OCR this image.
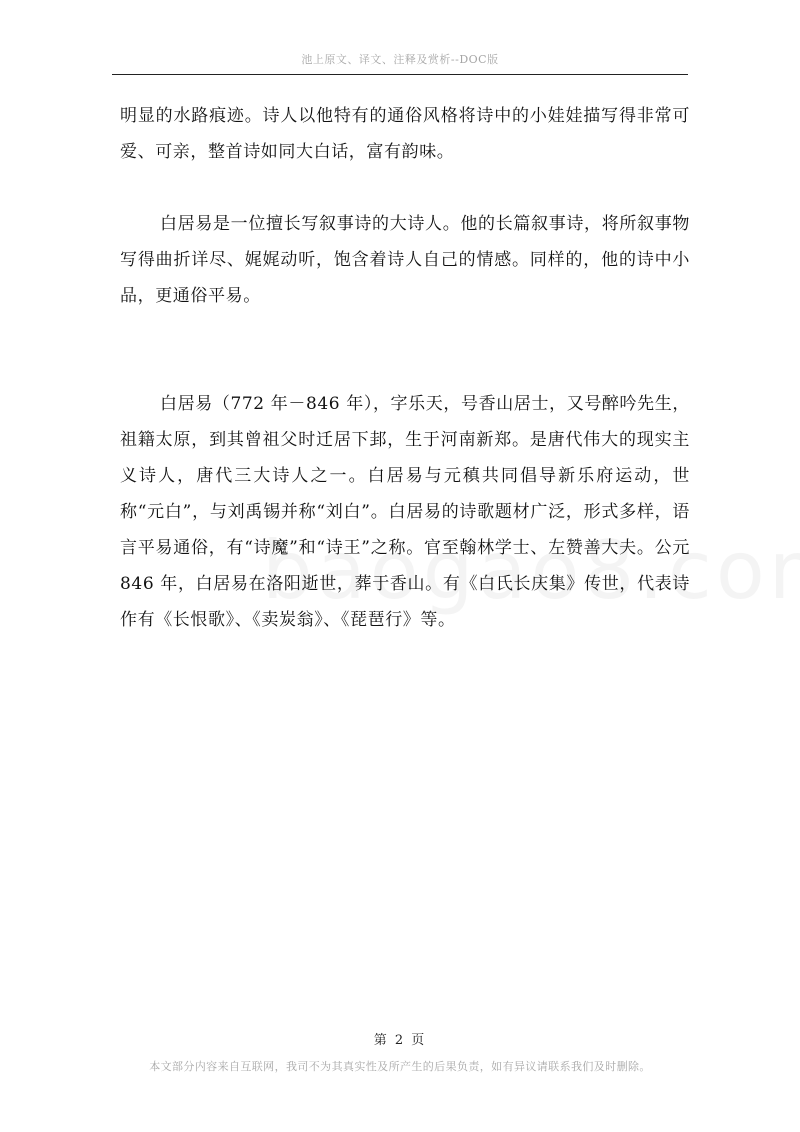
池上原文、译文、注释及赏析--DOC版

明显的水路痕迹。诗人以他特有的通俗风格将诗中的小娃娃描写得非常可爱、可亲，整首诗如同大白话，富有韵味。

白居易是一位擅长写叙事诗的大诗人。他的长篇叙事诗，将所叙事物写得曲折详尽、娓娓动听，饱含着诗人自己的情感。同样的，他的诗中小品，更通俗平易。

白居易（772 年－846 年），字乐天，号香山居士，又号醉吟先生，祖籍太原，到其曾祖父时迁居下邽，生于河南新郑。是唐代伟大的现实主义诗人，唐代三大诗人之一。白居易与元稹共同倡导新乐府运动，世称“元白”，与刘禹锡并称“刘白”。白居易的诗歌题材广泛，形式多样，语言平易通俗，有“诗魔”和“诗王”之称。官至翰林学士、左赞善大夫。公元 846 年，白居易在洛阳逝世，葬于香山。有《白氏长庆集》传世，代表诗作有《长恨歌》、《卖炭翁》、《琵琶行》等。

第 2 页
本文部分内容来自互联网，我司不为其真实性及所产生的后果负责，如有异议请联系我们及时删除。
